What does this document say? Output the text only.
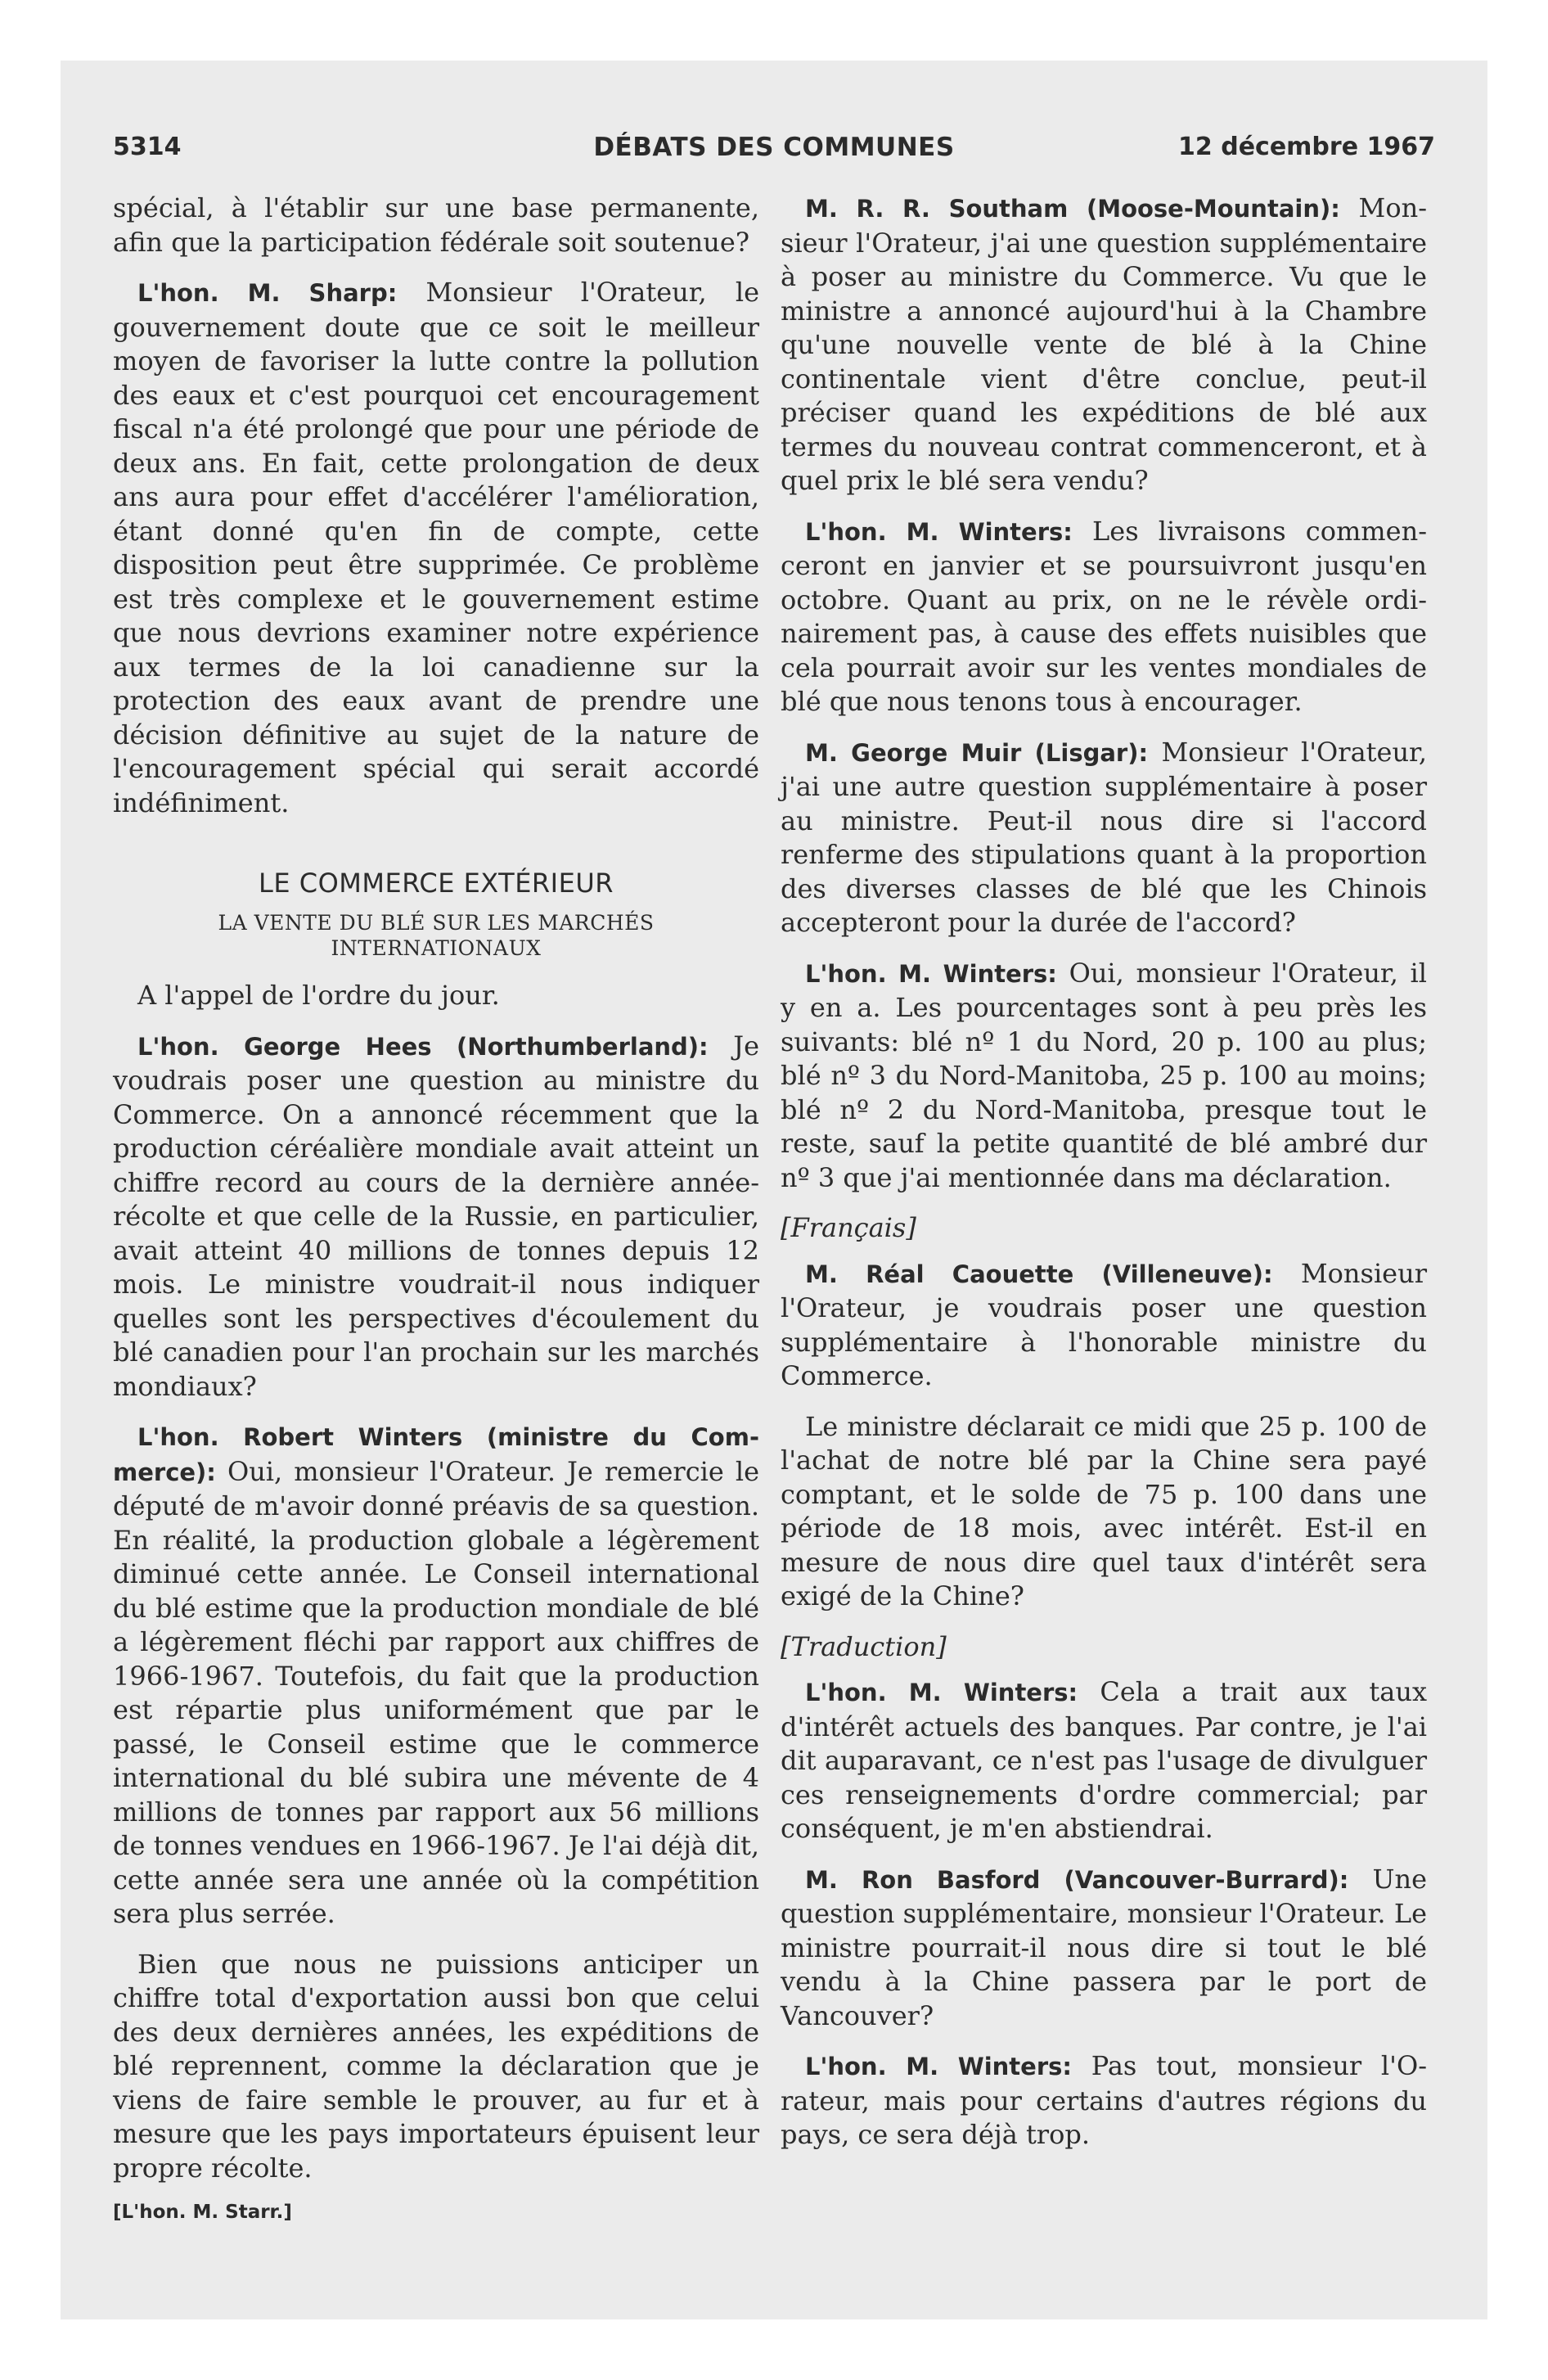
5314	DÉBATS DES COMMUNES	12 décembre 1967

spécial, à l'établir sur une base permanente, afin que la participation fédérale soit soutenue?

L'hon. M. Sharp: Monsieur l'Orateur, le gouvernement doute que ce soit le meilleur moyen de favoriser la lutte contre la pollution des eaux et c'est pourquoi cet encouragement fiscal n'a été prolongé que pour une période de deux ans. En fait, cette prolongation de deux ans aura pour effet d'accélérer l'amélioration, étant donné qu'en fin de compte, cette disposition peut être supprimée. Ce problème est très complexe et le gouvernement estime que nous devrions examiner notre expérience aux termes de la loi canadienne sur la protection des eaux avant de prendre une décision définitive au sujet de la nature de l'encouragement spécial qui serait accordé indéfiniment.

LE COMMERCE EXTÉRIEUR
LA VENTE DU BLÉ SUR LES MARCHÉS INTERNATIONAUX

A l'appel de l'ordre du jour.

L'hon. George Hees (Northumberland): Je voudrais poser une question au ministre du Commerce. On a annoncé récemment que la production céréalière mondiale avait atteint un chiffre record au cours de la dernière année-récolte et que celle de la Russie, en particulier, avait atteint 40 millions de tonnes depuis 12 mois. Le ministre voudrait-il nous indiquer quelles sont les perspectives d'écoulement du blé canadien pour l'an prochain sur les marchés mondiaux?

L'hon. Robert Winters (ministre du Commerce): Oui, monsieur l'Orateur. Je remercie le député de m'avoir donné préavis de sa question. En réalité, la production globale a légèrement diminué cette année. Le Conseil international du blé estime que la production mondiale de blé a légèrement fléchi par rapport aux chiffres de 1966-1967. Toutefois, du fait que la production est répartie plus uniformément que par le passé, le Conseil estime que le commerce international du blé subira une mévente de 4 millions de tonnes par rapport aux 56 millions de tonnes vendues en 1966-1967. Je l'ai déjà dit, cette année sera une année où la compétition sera plus serrée.

Bien que nous ne puissions anticiper un chiffre total d'exportation aussi bon que celui des deux dernières années, les expéditions de blé reprennent, comme la déclaration que je viens de faire semble le prouver, au fur et à mesure que les pays importateurs épuisent leur propre récolte.

[L'hon. M. Starr.]

M. R. R. Southam (Moose-Mountain): Monsieur l'Orateur, j'ai une question supplémentaire à poser au ministre du Commerce. Vu que le ministre a annoncé aujourd'hui à la Chambre qu'une nouvelle vente de blé à la Chine continentale vient d'être conclue, peut-il préciser quand les expéditions de blé aux termes du nouveau contrat commenceront, et à quel prix le blé sera vendu?

L'hon. M. Winters: Les livraisons commenceront en janvier et se poursuivront jusqu'en octobre. Quant au prix, on ne le révèle ordinairement pas, à cause des effets nuisibles que cela pourrait avoir sur les ventes mondiales de blé que nous tenons tous à encourager.

M. George Muir (Lisgar): Monsieur l'Orateur, j'ai une autre question supplémentaire à poser au ministre. Peut-il nous dire si l'accord renferme des stipulations quant à la proportion des diverses classes de blé que les Chinois accepteront pour la durée de l'accord?

L'hon. M. Winters: Oui, monsieur l'Orateur, il y en a. Les pourcentages sont à peu près les suivants: blé nº 1 du Nord, 20 p. 100 au plus; blé nº 3 du Nord-Manitoba, 25 p. 100 au moins; blé nº 2 du Nord-Manitoba, presque tout le reste, sauf la petite quantité de blé ambré dur nº 3 que j'ai mentionnée dans ma déclaration.

[Français]

M. Réal Caouette (Villeneuve): Monsieur l'Orateur, je voudrais poser une question supplémentaire à l'honorable ministre du Commerce.

Le ministre déclarait ce midi que 25 p. 100 de l'achat de notre blé par la Chine sera payé comptant, et le solde de 75 p. 100 dans une période de 18 mois, avec intérêt. Est-il en mesure de nous dire quel taux d'intérêt sera exigé de la Chine?

[Traduction]

L'hon. M. Winters: Cela a trait aux taux d'intérêt actuels des banques. Par contre, je l'ai dit auparavant, ce n'est pas l'usage de divulguer ces renseignements d'ordre commercial; par conséquent, je m'en abstiendrai.

M. Ron Basford (Vancouver-Burrard): Une question supplémentaire, monsieur l'Orateur. Le ministre pourrait-il nous dire si tout le blé vendu à la Chine passera par le port de Vancouver?

L'hon. M. Winters: Pas tout, monsieur l'Orateur, mais pour certains d'autres régions du pays, ce sera déjà trop.
